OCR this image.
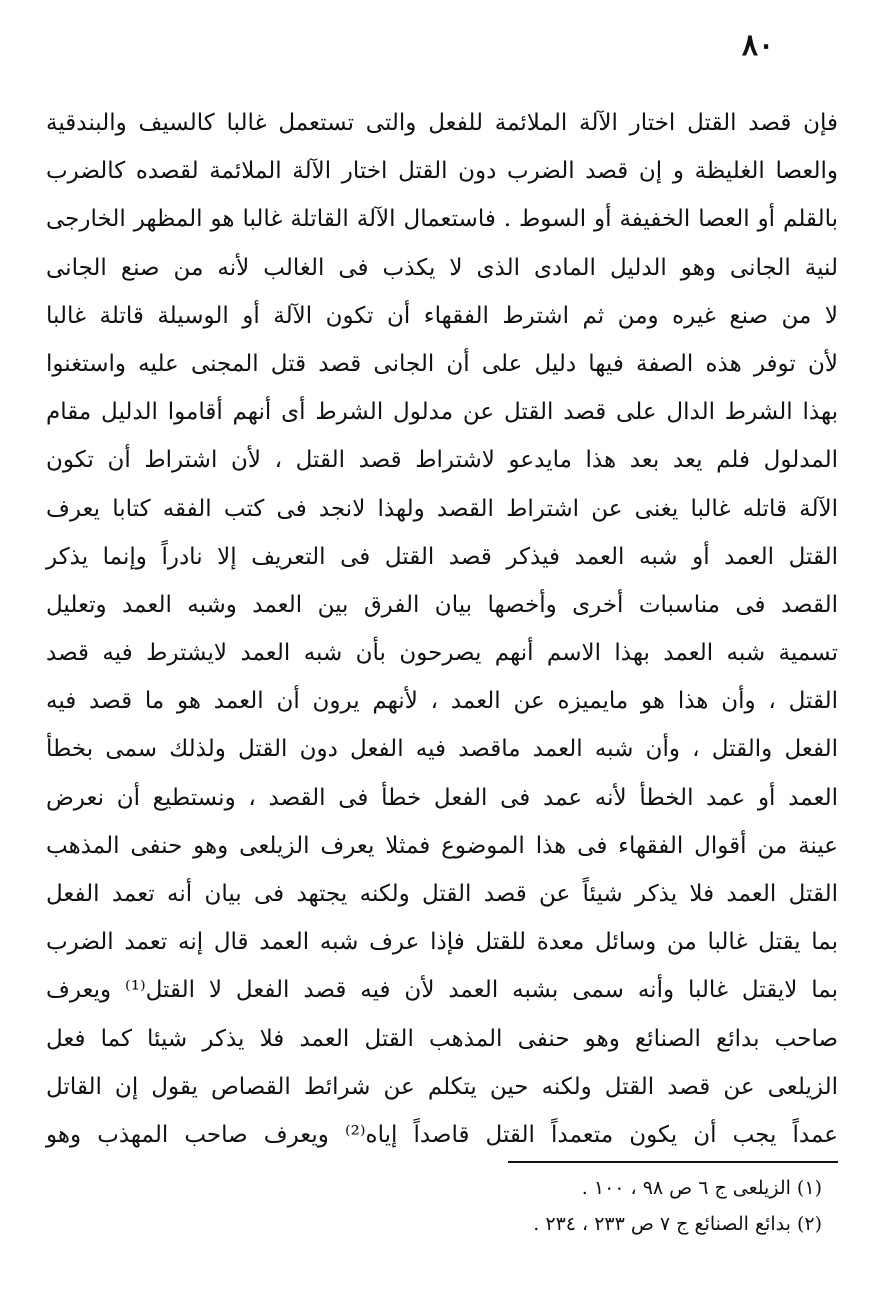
٨٠
فإن قصد القتل اختار الآلة الملائمة للفعل والتى تستعمل غالبا كالسيف والبندقية
والعصا الغليظة و إن قصد الضرب دون القتل اختار الآلة الملائمة لقصده كالضرب
بالقلم أو العصا الخفيفة أو السوط . فاستعمال الآلة القاتلة غالبا هو المظهر الخارجى
لنية الجانى وهو الدليل المادى الذى لا يكذب فى الغالب لأنه من صنع الجانى
لا من صنع غيره ومن ثم اشترط الفقهاء أن تكون الآلة أو الوسيلة قاتلة غالبا
لأن توفر هذه الصفة فيها دليل على أن الجانى قصد قتل المجنى عليه واستغنوا
بهذا الشرط الدال على قصد القتل عن مدلول الشرط أى أنهم أقاموا الدليل مقام
المدلول فلم يعد بعد هذا مايدعو لاشتراط قصد القتل ، لأن اشتراط أن تكون
الآلة قاتله غالبا يغنى عن اشتراط القصد ولهذا لانجد فى كتب الفقه كتابا يعرف
القتل العمد أو شبه العمد فيذكر قصد القتل فى التعريف إلا نادراً وإنما يذكر
القصد فى مناسبات أخرى وأخصها بيان الفرق بين العمد وشبه العمد وتعليل
تسمية شبه العمد بهذا الاسم أنهم يصرحون بأن شبه العمد لايشترط فيه قصد
القتل ، وأن هذا هو مايميزه عن العمد ، لأنهم يرون أن العمد هو ما قصد فيه
الفعل والقتل ، وأن شبه العمد ماقصد فيه الفعل دون القتل ولذلك سمى بخطأ
العمد أو عمد الخطأ لأنه عمد فى الفعل خطأ فى القصد ، ونستطيع أن نعرض
عينة من أقوال الفقهاء فى هذا الموضوع فمثلا يعرف الزيلعى وهو حنفى المذهب
القتل العمد فلا يذكر شيئاً عن قصد القتل ولكنه يجتهد فى بيان أنه تعمد الفعل
بما يقتل غالبا من وسائل معدة للقتل فإذا عرف شبه العمد قال إنه تعمد الضرب
بما لايقتل غالبا وأنه سمى بشبه العمد لأن فيه قصد الفعل لا القتل⁽¹⁾ ويعرف
صاحب بدائع الصنائع وهو حنفى المذهب القتل العمد فلا يذكر شيئا كما فعل
الزيلعى عن قصد القتل ولكنه حين يتكلم عن شرائط القصاص يقول إن القاتل
عمداً يجب أن يكون متعمداً القتل قاصداً إياه⁽²⁾ ويعرف صاحب المهذب وهو
(١) الزيلعى ج ٦ ص ٩٨ ، ١٠٠ .
(٢) بدائع الصنائع ج ٧ ص ٢٣٣ ، ٢٣٤ .
